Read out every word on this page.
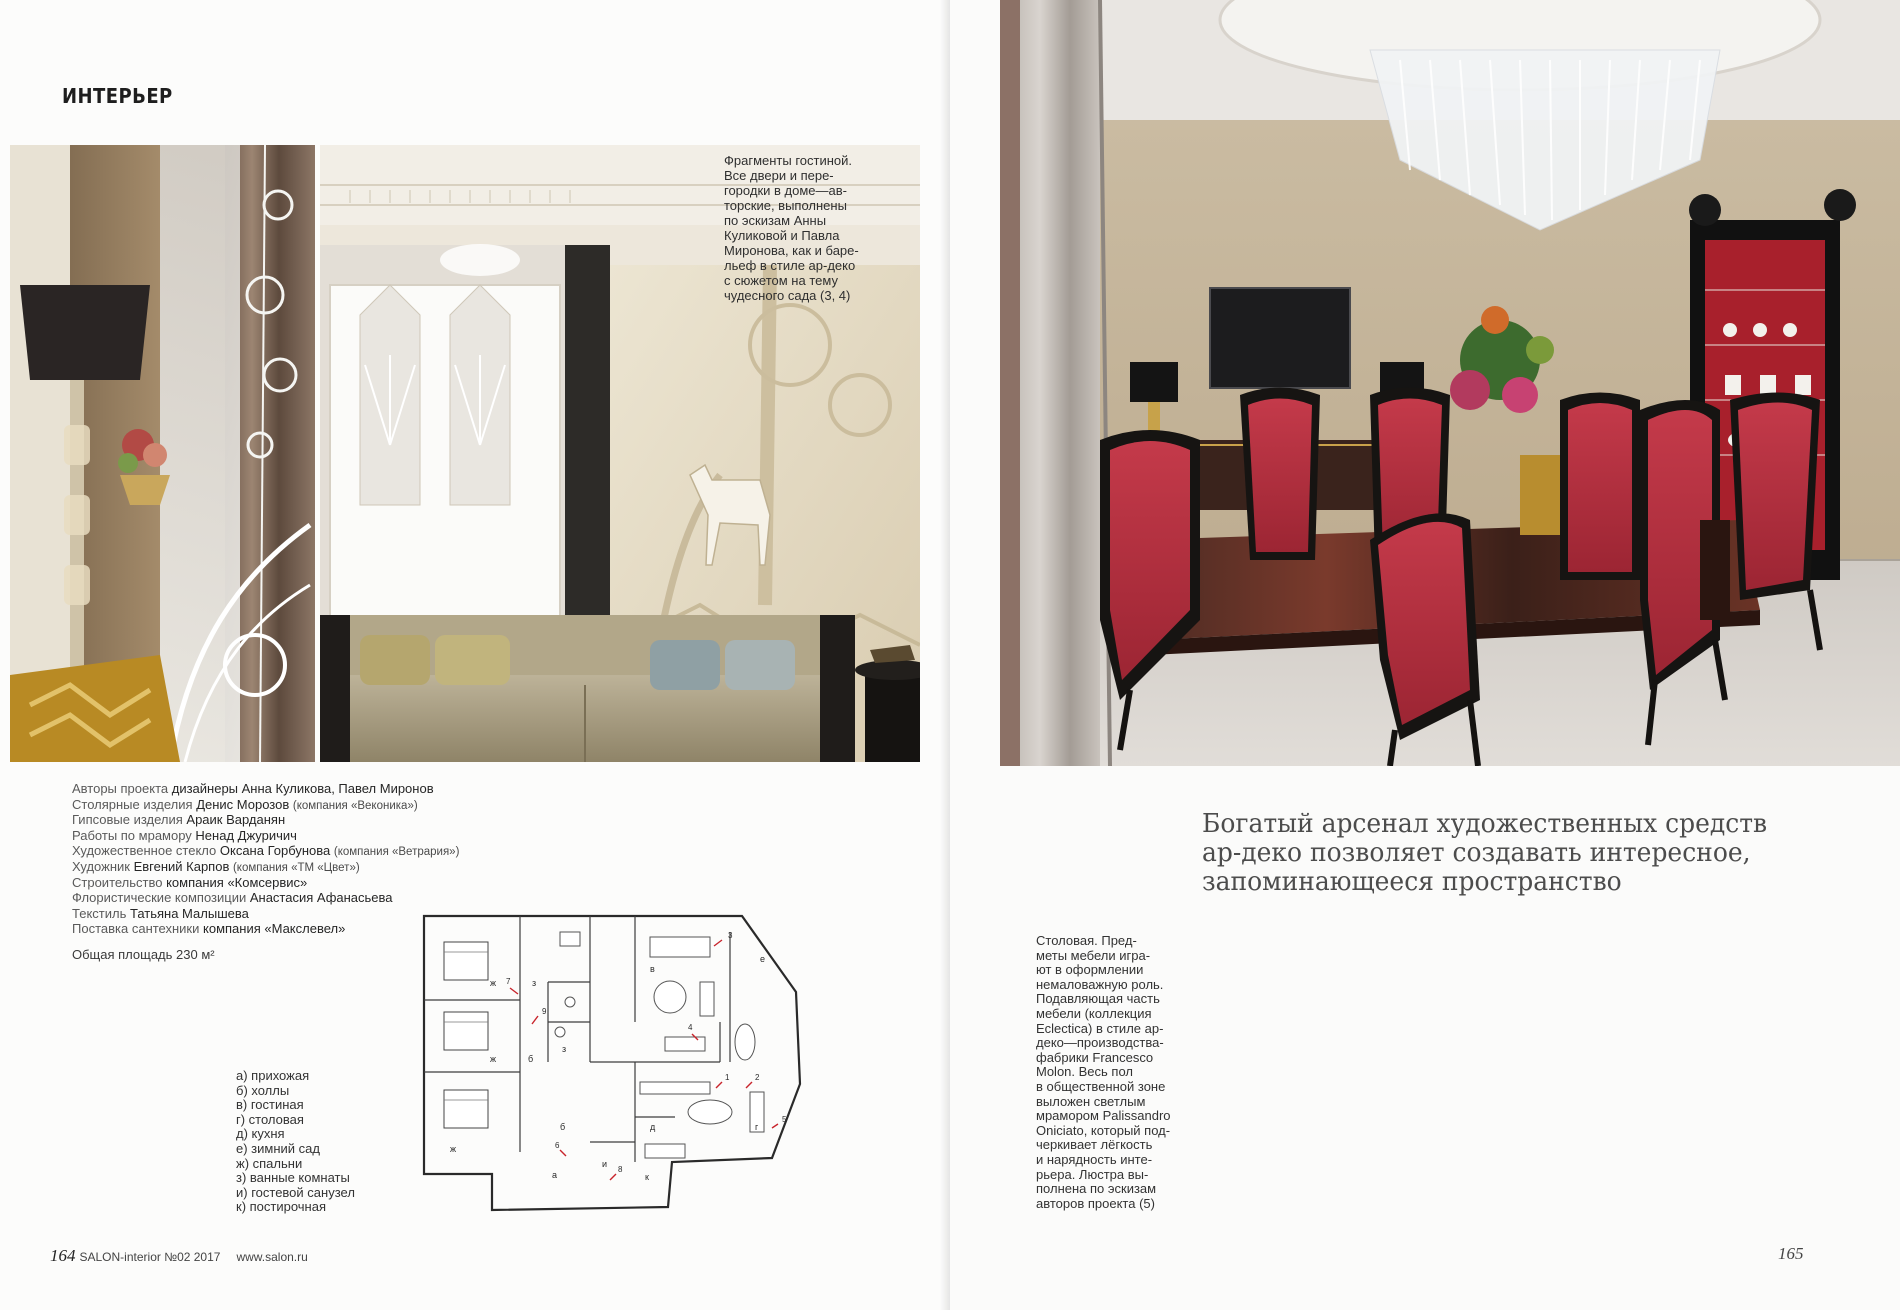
ИНТЕРЬЕР
Фрагменты гостиной.
Все двери и пере-
городки в доме—ав-
торские, выполнены
по эскизам Анны
Куликовой и Павла
Миронова, как и баре-
льеф в стиле ар-деко
с сюжетом на тему
чудесного сада (3, 4)
Авторы проекта дизайнеры Анна Куликова, Павел Миронов
Столярные изделия Денис Морозов (компания «Веконика»)
Гипсовые изделия Араик Варданян
Работы по мрамору Ненад Джуричич
Художественное стекло Оксана Горбунова (компания «Ветрария»)
Художник Евгений Карпов (компания «ТМ «Цвет»)
Строительство компания «Комсервис»
Флористические композиции Анастасия Афанасьева
Текстиль Татьяна Малышева
Поставка сантехники компания «Макслевел»
Общая площадь 230 м²
ж
ж
ж
з
з
б
б
в
е
д	г
к
и
а
7
9
3
4
1	2
5
6
8
а) прихожая
б) холлы
в) гостиная
г) столовая
д) кухня
е) зимний сад
ж) спальни
з) ванные комнаты
и) гостевой санузел
к) постирочная
164 SALON-interior №02 2017 www.salon.ru
Богатый арсенал художественных средств
ар-деко позволяет создавать интересное,
запоминающееся пространство
Столовая. Пред-
меты мебели игра-
ют в оформлении
немаловажную роль.
Подавляющая часть
мебели (коллекция
Eclectica) в стиле ар-
деко—производства-
фабрики Francesco
Molon. Весь пол
в общественной зоне
выложен светлым
мрамором Palissandro
Oniciato, который под-
черкивает лёгкость
и нарядность инте-
рьера. Люстра вы-
полнена по эскизам
авторов проекта (5)
165
